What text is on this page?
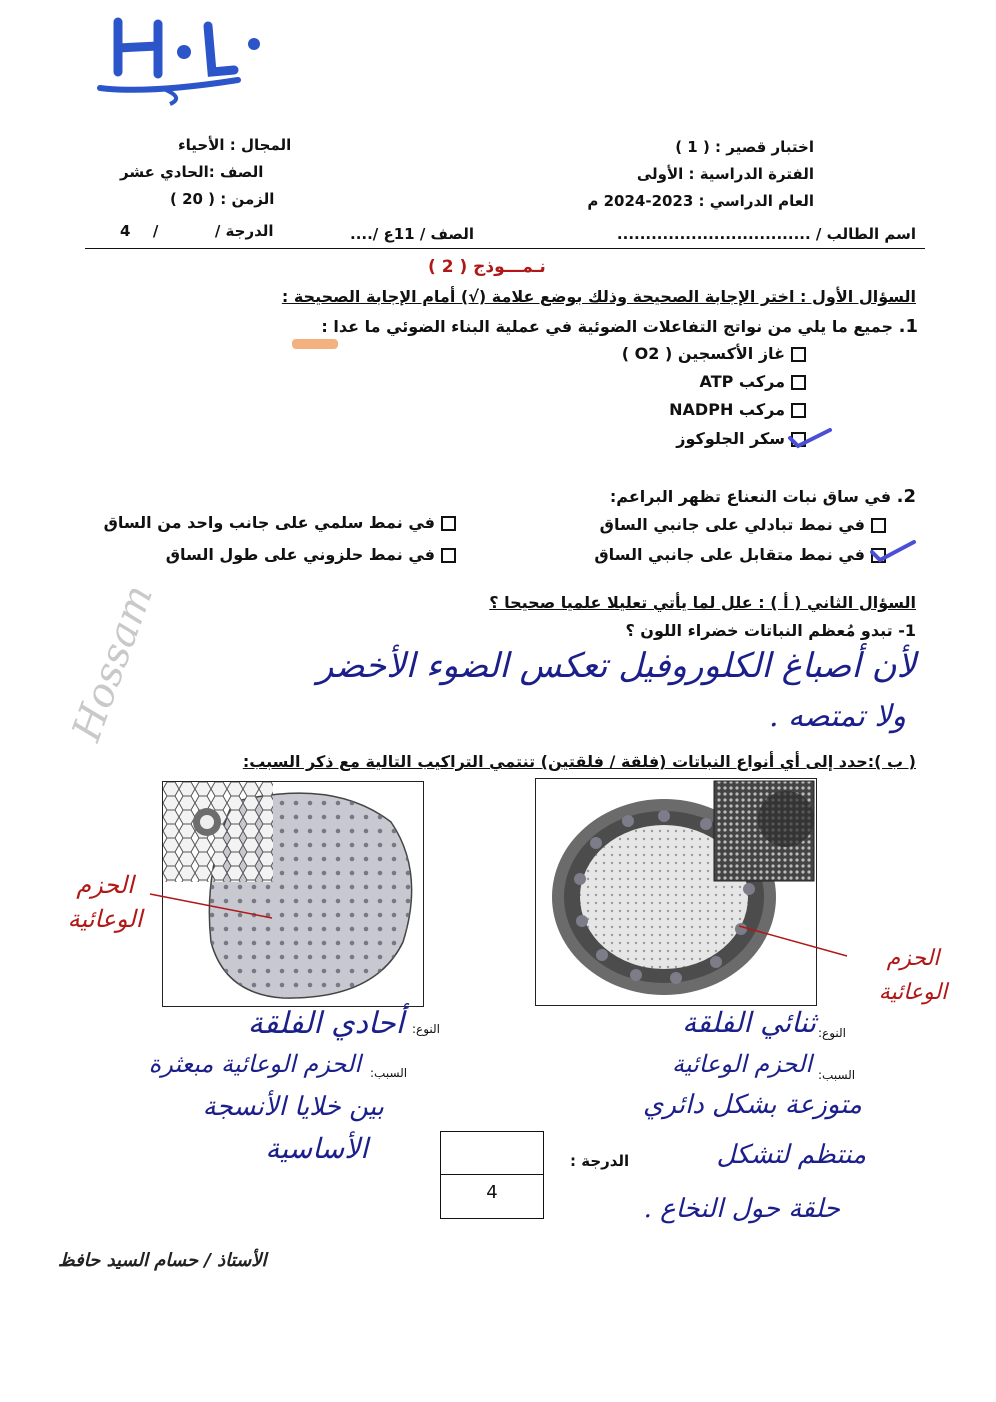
اختبار قصير : ( 1 )
الفترة الدراسية : الأولى
العام الدراسي : 2023-2024 م
المجال : الأحياء
الصف :الحادي عشر
الزمن : ( 20 )
اسم الطالب / ..................................
الصف / 11ع /....
4 /	الدرجة /
نـمـــوذج ( 2 )
السؤال الأول : اختر الإجابة الصحيحة وذلك بوضع علامة (√) أمام الإجابة الصحيحة :
1. جميع ما يلي من نواتج التفاعلات الضوئية في عملية البناء الضوئي ما عدا :
غاز الأكسجين ( O2 )
مركب ATP
مركب NADPH
سكر الجلوكوز
2. في ساق نبات النعناع تظهر البراعم:
في نمط تبادلي على جانبي الساق
في نمط سلمي على جانب واحد من الساق
في نمط متقابل على جانبي الساق
في نمط حلزوني على طول الساق
Hossam	السؤال الثاني ( أ ) : علل لما يأتي تعليلا علميا صحيحا ؟
1- تبدو مُعظم النباتات خضراء اللون ؟
لأن أصباغ الكلوروفيل تعكس الضوء الأخضر
ولا تمتصه .
( ب ):حدد إلى أي أنواع النباتات (فلقة / فلقتين) تنتمي التراكيب التالية مع ذكر السبب:
الحزم
الوعائية
الحزم
الوعائية
النوع:
أحادي الفلقة
السبب:
الحزم الوعائية مبعثرة
بين خلايا الأنسجة
الأساسية
النوع:
ثنائي الفلقة
السبب:
الحزم الوعائية
متوزعة بشكل دائري
منتظم لتشكل
حلقة حول النخاع .
الدرجة :
4
الأستاذ / حسام السيد حافظ
